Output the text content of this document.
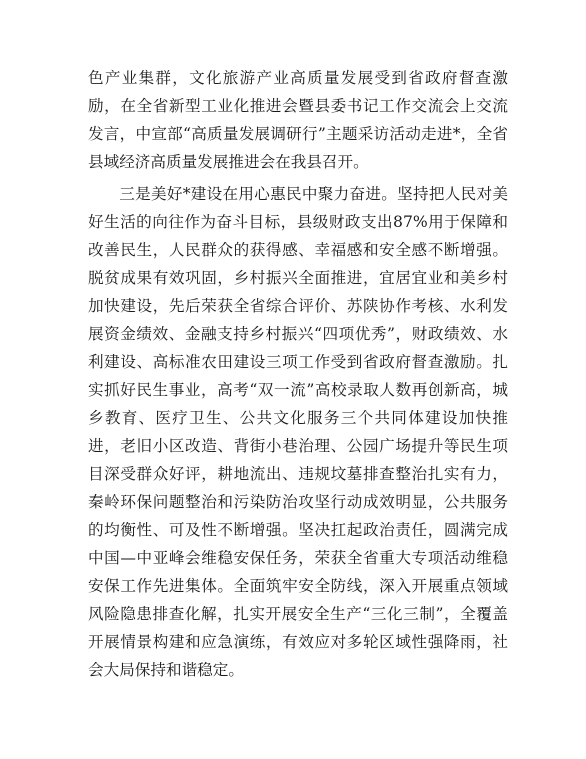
色产业集群，文化旅游产业高质量发展受到省政府督查激励，在全省新型工业化推进会暨县委书记工作交流会上交流发言，中宣部“高质量发展调研行”主题采访活动走进*，全省县域经济高质量发展推进会在我县召开。

三是美好*建设在用心惠民中聚力奋进。坚持把人民对美好生活的向往作为奋斗目标，县级财政支出87%用于保障和改善民生，人民群众的获得感、幸福感和安全感不断增强。脱贫成果有效巩固，乡村振兴全面推进，宜居宜业和美乡村加快建设，先后荣获全省综合评价、苏陕协作考核、水利发展资金绩效、金融支持乡村振兴“四项优秀”，财政绩效、水利建设、高标准农田建设三项工作受到省政府督查激励。扎实抓好民生事业，高考“双一流”高校录取人数再创新高，城乡教育、医疗卫生、公共文化服务三个共同体建设加快推进，老旧小区改造、背街小巷治理、公园广场提升等民生项目深受群众好评，耕地流出、违规坟墓排查整治扎实有力，秦岭环保问题整治和污染防治攻坚行动成效明显，公共服务的均衡性、可及性不断增强。坚决扛起政治责任，圆满完成中国—中亚峰会维稳安保任务，荣获全省重大专项活动维稳安保工作先进集体。全面筑牢安全防线，深入开展重点领域风险隐患排查化解，扎实开展安全生产“三化三制”，全覆盖开展情景构建和应急演练，有效应对多轮区域性强降雨，社会大局保持和谐稳定。
